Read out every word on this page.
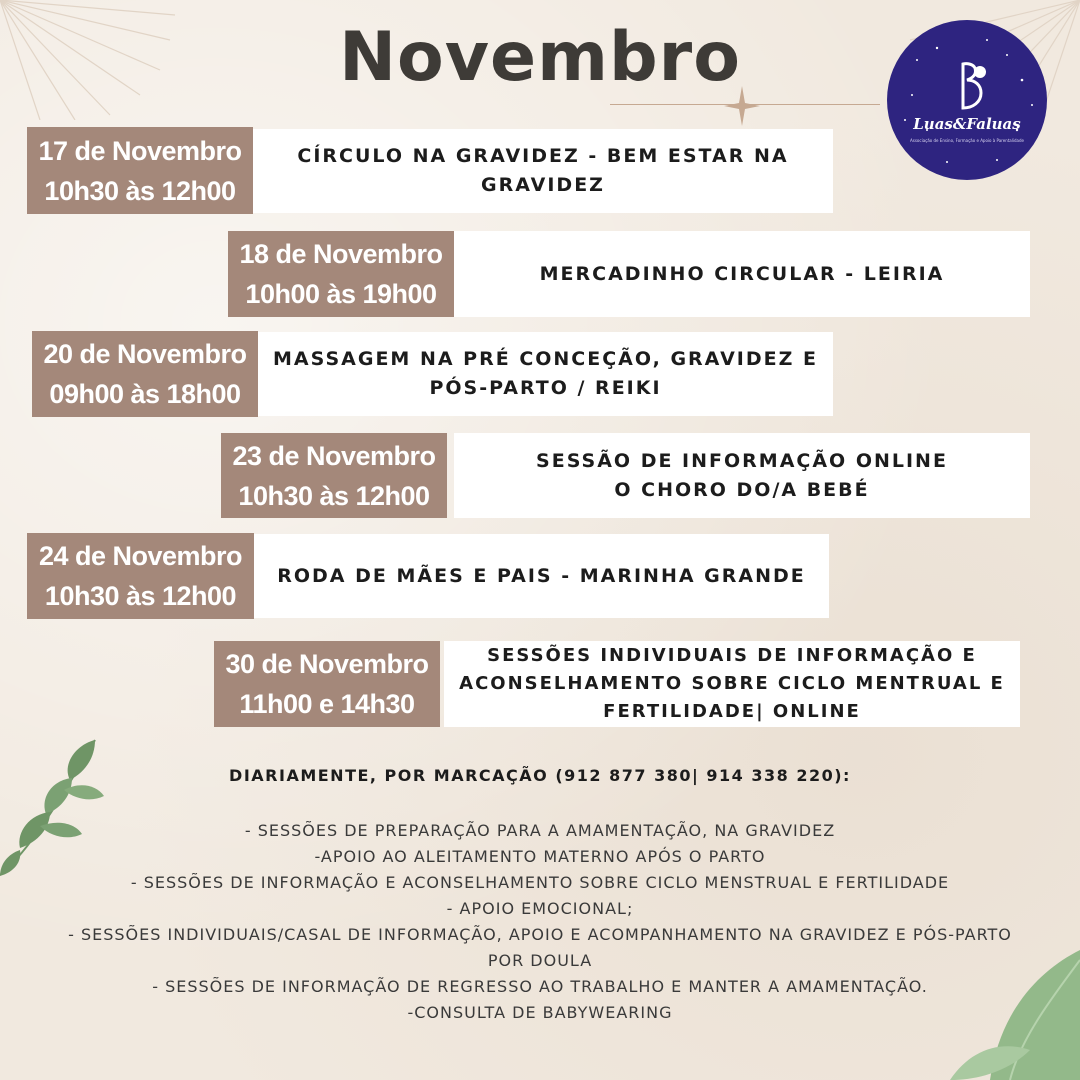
Novembro
Luas&Faluas
Associação de Ensino, Formação e Apoio à Parentalidade
17 de Novembro
10h30 às 12h00
CÍRCULO NA GRAVIDEZ - BEM ESTAR NA
GRAVIDEZ
18 de Novembro
10h00 às 19h00
MERCADINHO CIRCULAR - LEIRIA
20 de Novembro
09h00 às 18h00
MASSAGEM NA PRÉ CONCEÇÃO, GRAVIDEZ E
PÓS-PARTO / REIKI
23 de Novembro
10h30 às 12h00
SESSÃO DE INFORMAÇÃO ONLINE
O CHORO DO/A BEBÉ
24 de Novembro
10h30 às 12h00
RODA DE MÃES E PAIS - MARINHA GRANDE
30 de Novembro
11h00 e 14h30
SESSÕES INDIVIDUAIS DE INFORMAÇÃO E
ACONSELHAMENTO SOBRE CICLO MENTRUAL E
FERTILIDADE| ONLINE
DIARIAMENTE, POR MARCAÇÃO (912 877 380| 914 338 220):
- SESSÕES DE PREPARAÇÃO PARA A AMAMENTAÇÃO, NA GRAVIDEZ
-APOIO AO ALEITAMENTO MATERNO APÓS O PARTO
- SESSÕES DE INFORMAÇÃO E ACONSELHAMENTO SOBRE CICLO MENSTRUAL E FERTILIDADE
- APOIO EMOCIONAL;
- SESSÕES INDIVIDUAIS/CASAL DE INFORMAÇÃO, APOIO E ACOMPANHAMENTO NA GRAVIDEZ E PÓS-PARTO
POR DOULA
- SESSÕES DE INFORMAÇÃO DE REGRESSO AO TRABALHO E MANTER A AMAMENTAÇÃO.
-CONSULTA DE BABYWEARING
